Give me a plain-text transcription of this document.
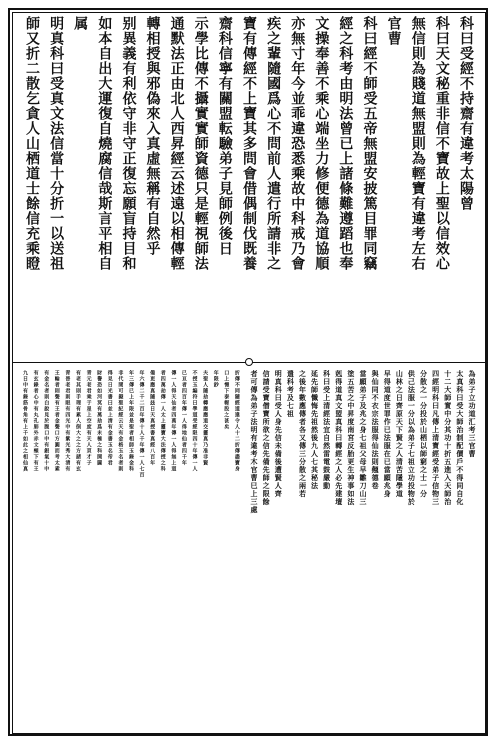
科曰受經不持齋有違考太陽曾
科曰天文秘重非信不寶故上聖以信效心
無信則為賤道無盟則為輕寶有違考左右
官曹
科曰經不師受五帝無盟安披篤目罪同竊
經之科考由明法曾已上諸條難遵蹈也奉
文操奉善不乘心端坐力修便德為道協順
亦無寸年今並乖違恐悉乘故中科戒乃會
疾之輩隨國爲心不問前人遣行所請非之
寶有傳經不上寶其多問會借偶制伐既養
齋科信寧有關盟転驗弟子見師例後日
示學比傳不攝實實師資德只是輕視師法
通默法正由北人西昇經云述遠以相傳輕
轉相授與邪偽來入真虛無稱有自然乎
别異義有利依守非守正復忘願盲持目和
如本自出大運復自燒腐信哉斯言平相自
属
明真科曰受真文法信當十分折一以送祖
師又折二散乞貪人山栖道士餘信充乘瞪
為弟子立功道汇考三官曹
太真科曰受大師治制配價戶不得同自化
十二大師實中分其功十折五進入天師治
四經明科曰凡傳上清寶經受弟子信物三
分散之一分投於山栖以師窮之士一分
供己法服一分以為弟子七祖立功投物於
山林之日齊原天下賢之人清苦隱學道
早得道度世罪作已法服在已當願兆身
與仙同不衣宗法服得仙法則翹德卷
當願弟子及兆之身七祖父母早雛刀山三
塗五苦之中昇度南宮反胎更生神事如法
剋得道真文盟真科曰轉經之人必先建壇
科曰受上清經法宜自然雷電鼓嚴動
延先師懺悔先祖然後九人七其秘法
之後年數應傳者各又傳三分散之兩若
遣科考及七祖
明真科曰受人身先信未備後遭賢人齊
信請受寶僧寶所欲之信先備先師之限餘
者可傳為弟子法明有違考木官曹巳上三處
折傳不同隨經道違令人十二折傳盡寶身
口上慢下泰輕股之甚矣
年限鈔
夫聖人隨劫轉應應道交靈真乃准非賢
不授玉編符曰學道受經限四十年傳一人
已亘者四百年傳一人得地仙者四千年
傳一人得天仙者四萬年傳一人得無上道
者四萬劫傳一人太上靈寶大法傳授之科
備更應真隨玆日天真授書真經八百年
年六傳二千二百年傳十人千年傳一人七百
年三傳已上年限並是聖者相師玉錄金科
非代間可擬聖紀經云天有金格玉名者則
得見日光書曰並上清有金書玉名帝君
財譽恐如河冥有萬劫爲未極之科開闢
青元老君乘于星上空度有天人頁才子
有老其則手理有累人倒大之之方諸有玄
青晉老君則眼有四光中有紫光秀大清有
王輪者則聲有王者金聲口方圓而考太素
有金名者則白說見於腹口中有銀氣十中
有玄錄者心中有丸孔肺外赤文頰下有王
九日中有錄筋骨角有上千如此之相仙真
